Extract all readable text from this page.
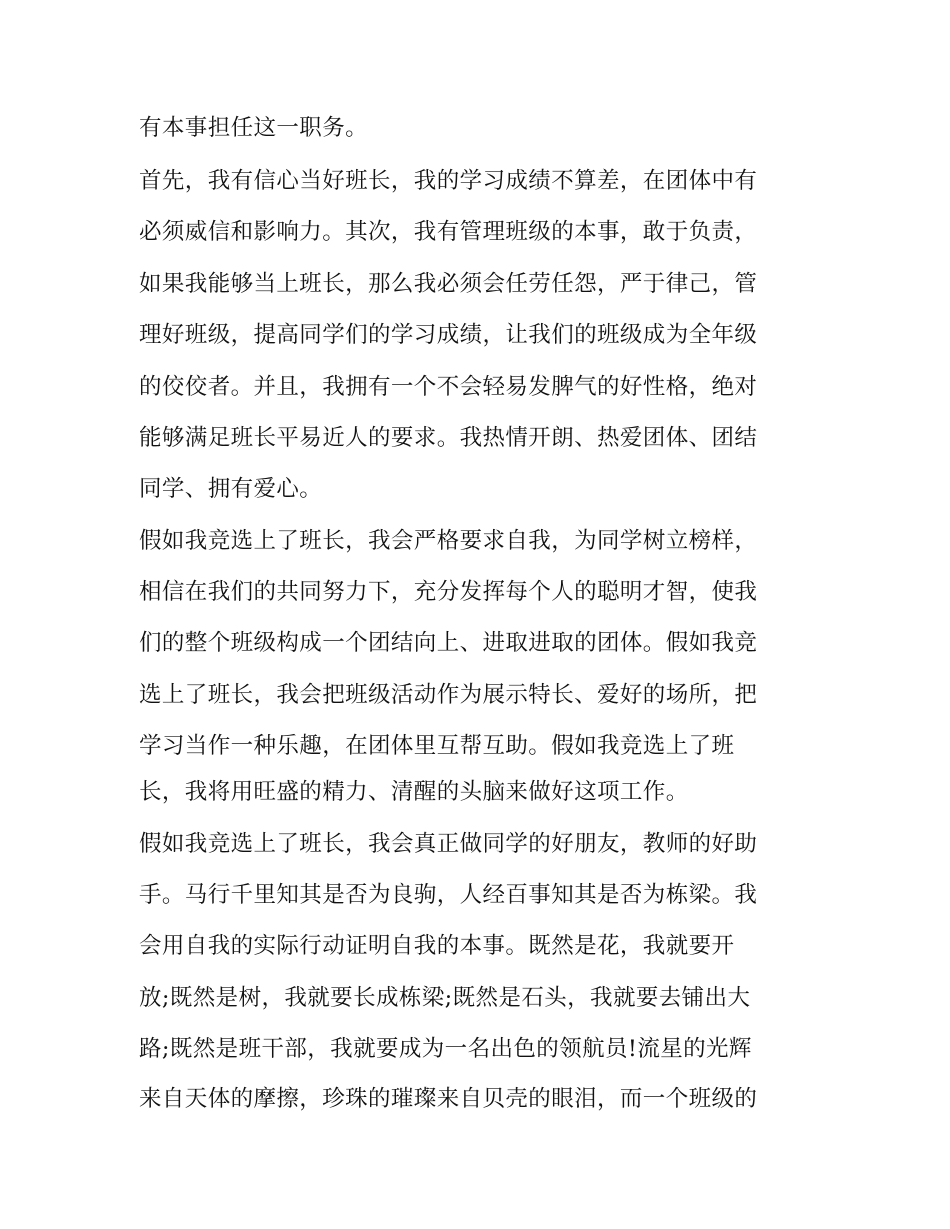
有本事担任这一职务。
首先，我有信心当好班长，我的学习成绩不算差，在团体中有
必须威信和影响力。其次，我有管理班级的本事，敢于负责，
如果我能够当上班长，那么我必须会任劳任怨，严于律己，管
理好班级，提高同学们的学习成绩，让我们的班级成为全年级
的佼佼者。并且，我拥有一个不会轻易发脾气的好性格，绝对
能够满足班长平易近人的要求。我热情开朗、热爱团体、团结
同学、拥有爱心。
假如我竞选上了班长，我会严格要求自我，为同学树立榜样，
相信在我们的共同努力下，充分发挥每个人的聪明才智，使我
们的整个班级构成一个团结向上、进取进取的团体。假如我竞
选上了班长，我会把班级活动作为展示特长、爱好的场所，把
学习当作一种乐趣，在团体里互帮互助。假如我竞选上了班
长，我将用旺盛的精力、清醒的头脑来做好这项工作。
假如我竞选上了班长，我会真正做同学的好朋友，教师的好助
手。马行千里知其是否为良驹，人经百事知其是否为栋梁。我
会用自我的实际行动证明自我的本事。既然是花，我就要开
放;既然是树，我就要长成栋梁;既然是石头，我就要去铺出大
路;既然是班干部，我就要成为一名出色的领航员!流星的光辉
来自天体的摩擦，珍珠的璀璨来自贝壳的眼泪，而一个班级的
